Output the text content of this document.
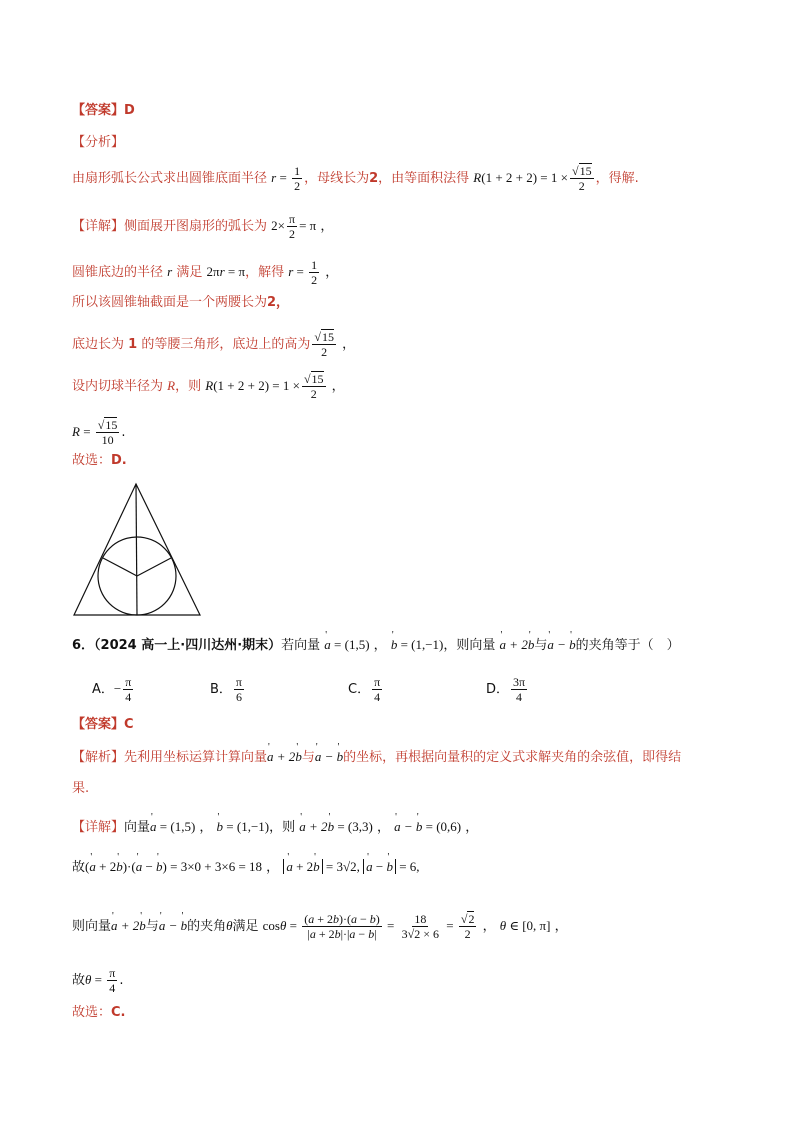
【答案】D
【分析】
由扇形弧长公式求出圆锥底面半径 $r = \frac{1}{2}$ ，母线长为2，由等面积法得 $R(1 + 2 + 2) = 1 \times \frac{√15}{2}$ ，得解.
【详解】侧面展开图扇形的弧长为 $2\times \frac{\pi}{2} = \pi$ ，
圆锥底边的半径 r 满足 2πr = π，解得 $r = \frac{1}{2}$ ，
所以该圆锥轴截面是一个两腰长为2，
底边长为 1 的等腰三角形，底边上的高为 $\frac{√15}{2}$ ，
设内切球半径为 R，则 $R(1 + 2 + 2) = 1 \times \frac{√15}{2}$ ，
$R = \frac{√15}{10}$ .
故选：D.
6．（2024 高一上·四川达州·期末）若向量 ' a = (1,5) ， ' b = (1,−1)，则向量 ' a + 2' b与' a − ' b的夹角等于（　）
A．− $\frac{\pi}{4}$	B． $\frac{\pi}{6}$	C． $\frac{\pi}{4}$	D． $\frac{3\pi}{4}$
【答案】C
【解析】先利用坐标运算计算向量' a + 2' b与' a − ' b的坐标，再根据向量积的定义式求解夹角的余弦值，即得结
果.
【详解】向量' a = (1,5) ， ' b = (1,−1)，则 ' a + 2' b = (3,3) ， ' a − ' b = (0,6) ，
故(' a + 2' b)·(' a − ' b) = 3×0 + 3×6 = 18 ， ' a + 2' b = 3√2, ' a − ' b = 6,
则向量' a + 2' b与' a − ' b的夹角θ满足 $\cos\theta = \frac{(a + 2b)\cdot(a - b)}{|a + 2b|\cdot|a - b|} = \frac{18}{3√2 \times 6} = \frac{√2}{2}$ ， θ ∈ [0, π] ，
故$\theta = \frac{\pi}{4}$ .
故选：C.
